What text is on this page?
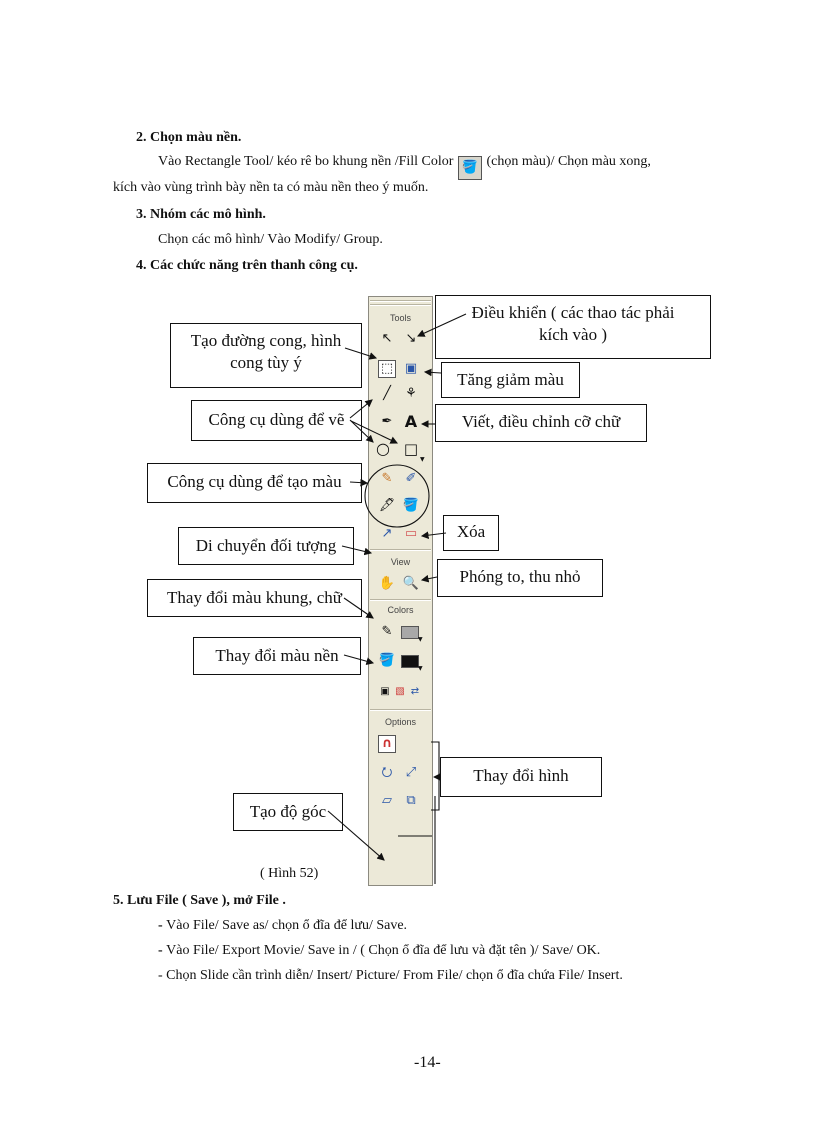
2. Chọn màu nền.
Vào Rectangle Tool/ kéo rê bo khung nền /Fill Color 🪣 (chọn màu)/ Chọn màu xong,
kích vào vùng trình bày nền ta có màu nền theo ý muốn.
3. Nhóm các mô hình.
Chọn các mô hình/ Vào Modify/ Group.
4. Các chức năng trên thanh công cụ.
Tools
↖ ↘
⬚ ▣
╱	⚘
✒ A
○ □
▼
✎ ✐
🖋 🪣
↗ ▭
View
✋ 🔍
Colors
✎
▼
🪣
▼
▣ ▧ ⇄
Options
∩
⭮ ⤢
▱	⧉
Điều khiển ( các thao tác phải
kích vào )
Tạo đường cong, hình
cong tùy ý
Tăng giảm màu
Công cụ dùng để vẽ	Viết, điều chỉnh cỡ chữ
Công cụ dùng để tạo màu
Di chuyển đối tượng
Xóa
Phóng to, thu nhỏ
Thay đổi màu khung, chữ
Thay đổi màu nền
Thay đổi hình
Tạo độ góc
( Hình 52)
5. Lưu File ( Save ), mở File .
- Vào File/ Save as/ chọn ổ đĩa để lưu/ Save.
- Vào File/ Export Movie/ Save in / ( Chọn ổ đĩa để lưu và đặt tên )/ Save/ OK.
- Chọn Slide cần trình diễn/ Insert/ Picture/ From File/ chọn ổ đĩa chứa File/ Insert.
-14-
